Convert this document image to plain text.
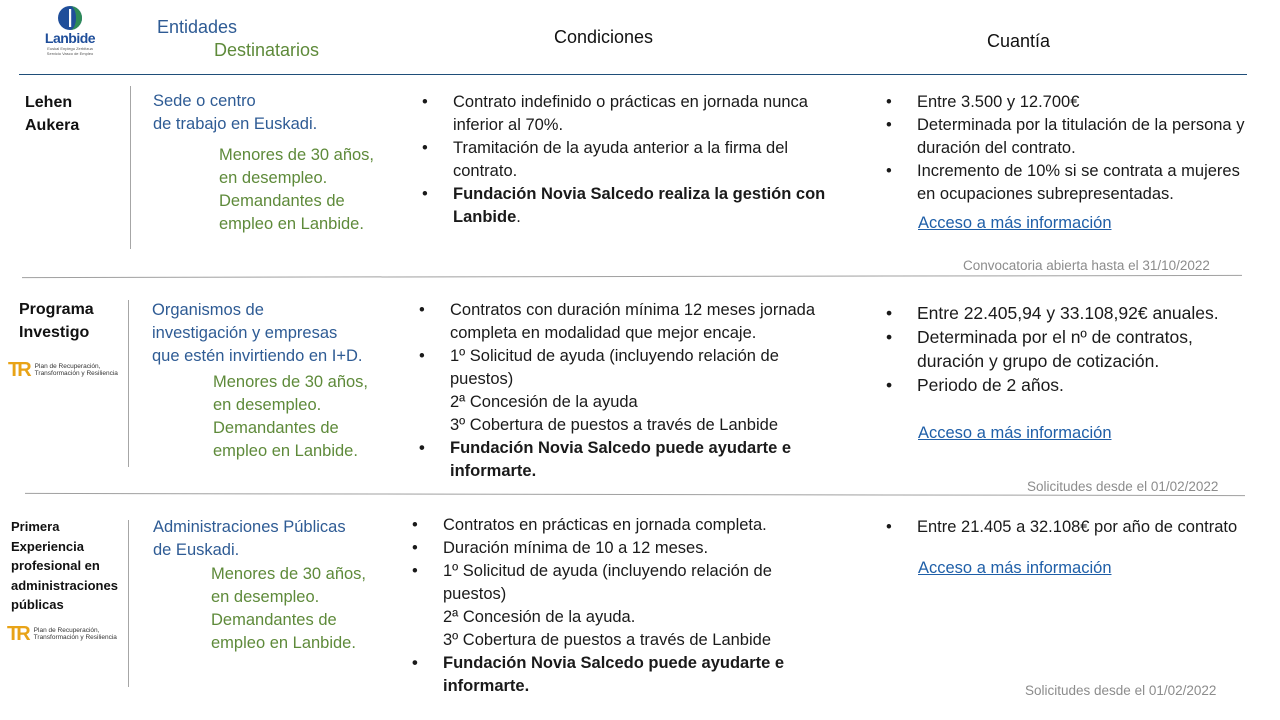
Lanbide
Euskal Enplegu Zerbitzua
Servicio Vasco de Empleo
Entidades
Destinatarios
Condiciones	Cuantía
Lehen
Aukera
Sede o centro
de trabajo en Euskadi.
Menores de 30 años,
en desempleo.
Demandantes de
empleo en Lanbide.
• Contrato indefinido o prácticas en jornada nunca inferior al 70%.
• Tramitación de la ayuda anterior a la firma del contrato.
• Fundación Novia Salcedo realiza la gestión con Lanbide.
• Entre 3.500 y 12.700€
• Determinada por la titulación de la persona y duración del contrato.
• Incremento de 10% si se contrata a mujeres en ocupaciones subrepresentadas.
Acceso a más información
Convocatoria abierta hasta el 31/10/2022
Programa
Investigo
TR Plan de Recuperación,
Transformación y Resiliencia
Organismos de
investigación y empresas
que estén invirtiendo en I+D.
Menores de 30 años,
en desempleo.
Demandantes de
empleo en Lanbide.
• Contratos con duración mínima 12 meses jornada completa en modalidad que mejor encaje.
• 1º Solicitud de ayuda (incluyendo relación de puestos)
2ª Concesión de la ayuda
3º Cobertura de puestos a través de Lanbide
• Fundación Novia Salcedo puede ayudarte e informarte.
• Entre 22.405,94 y 33.108,92€ anuales.
• Determinada por el nº de contratos, duración y grupo de cotización.
• Periodo de 2 años.
Acceso a más información
Solicitudes desde el 01/02/2022
Primera
Experiencia
profesional en
administraciones
públicas
TR Plan de Recuperación,
Transformación y Resiliencia
Administraciones Públicas
de Euskadi.
Menores de 30 años,
en desempleo.
Demandantes de
empleo en Lanbide.
• Contratos en prácticas en jornada completa.
• Duración mínima de 10 a 12 meses.
• 1º Solicitud de ayuda (incluyendo relación de puestos)
2ª Concesión de la ayuda.
3º Cobertura de puestos a través de Lanbide
• Fundación Novia Salcedo puede ayudarte e informarte.
• Entre 21.405 a 32.108€ por año de contrato
Acceso a más información
Solicitudes desde el 01/02/2022
